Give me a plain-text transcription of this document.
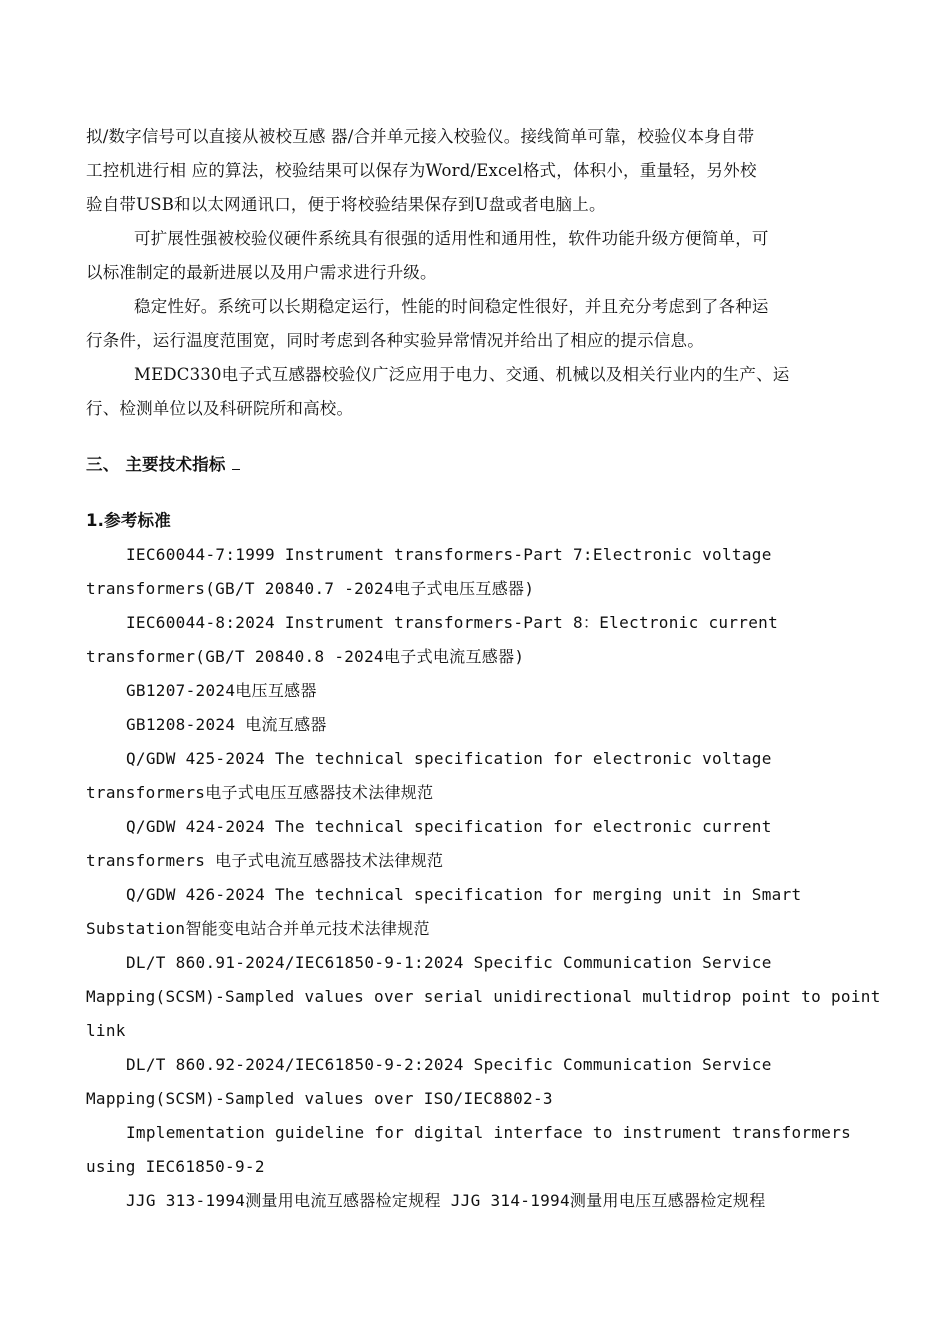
拟/数字信号可以直接从被校互感 器/合并单元接入校验仪。接线简单可靠，校验仪本身自带
工控机进行相 应的算法，校验结果可以保存为Word/Excel格式，体积小，重量轻，另外校
验自带USB和以太网通讯口，便于将校验结果保存到U盘或者电脑上。
可扩展性强被校验仪硬件系统具有很强的适用性和通用性，软件功能升级方便简单，可
以标准制定的最新进展以及用户需求进行升级。
稳定性好。系统可以长期稳定运行，性能的时间稳定性很好，并且充分考虑到了各种运
行条件，运行温度范围宽，同时考虑到各种实验异常情况并给出了相应的提示信息。
MEDC330电子式互感器校验仪广泛应用于电力、交通、机械以及相关行业内的生产、运
行、检测单位以及科研院所和高校。
三、 主要技术指标
1.参考标准
IEC60044-7:1999 Instrument transformers-Part 7:Electronic voltage
transformers(GB/T 20840.7 -2024电子式电压互感器)
IEC60044-8:2024 Instrument transformers-Part 8：Electronic current
transformer(GB/T 20840.8 -2024电子式电流互感器)
GB1207-2024电压互感器
GB1208-2024 电流互感器
Q/GDW 425-2024 The technical specification for electronic voltage
transformers电子式电压互感器技术法律规范
Q/GDW 424-2024 The technical specification for electronic current
transformers 电子式电流互感器技术法律规范
Q/GDW 426-2024 The technical specification for merging unit in Smart
Substation智能变电站合并单元技术法律规范
DL/T 860.91-2024/IEC61850-9-1:2024 Specific Communication Service
Mapping(SCSM)-Sampled values over serial unidirectional multidrop point to point
link
DL/T 860.92-2024/IEC61850-9-2:2024 Specific Communication Service
Mapping(SCSM)-Sampled values over ISO/IEC8802-3
Implementation guideline for digital interface to instrument transformers
using IEC61850-9-2
JJG 313-1994测量用电流互感器检定规程 JJG 314-1994测量用电压互感器检定规程
